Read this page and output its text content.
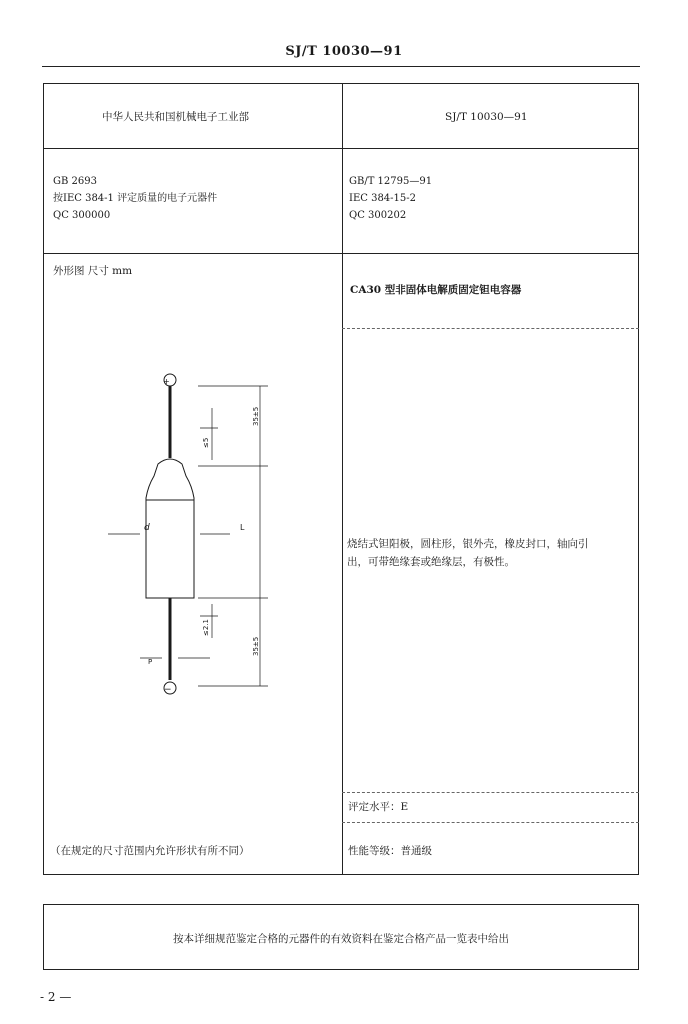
SJ/T 10030—91
中华人民共和国机械电子工业部	SJ/T 10030—91
GB 2693
按IEC 384-1 评定质量的电子元器件
QC 300000
GB/T 12795—91
IEC 384-15-2
QC 300202
外形图 尺寸 mm
CA30 型非固体电解质固定钽电容器
烧结式钽阳极，圆柱形，银外壳，橡皮封口，轴向引
出，可带绝缘套或绝缘层，有极性。
评定水平：E
性能等级：普通级
（在规定的尺寸范围内允许形状有所不同）
+
−
d	L
P
35±5
35±5
≤5
≤2.1
按本详细规范鉴定合格的元器件的有效资料在鉴定合格产品一览表中给出
- 2 —
